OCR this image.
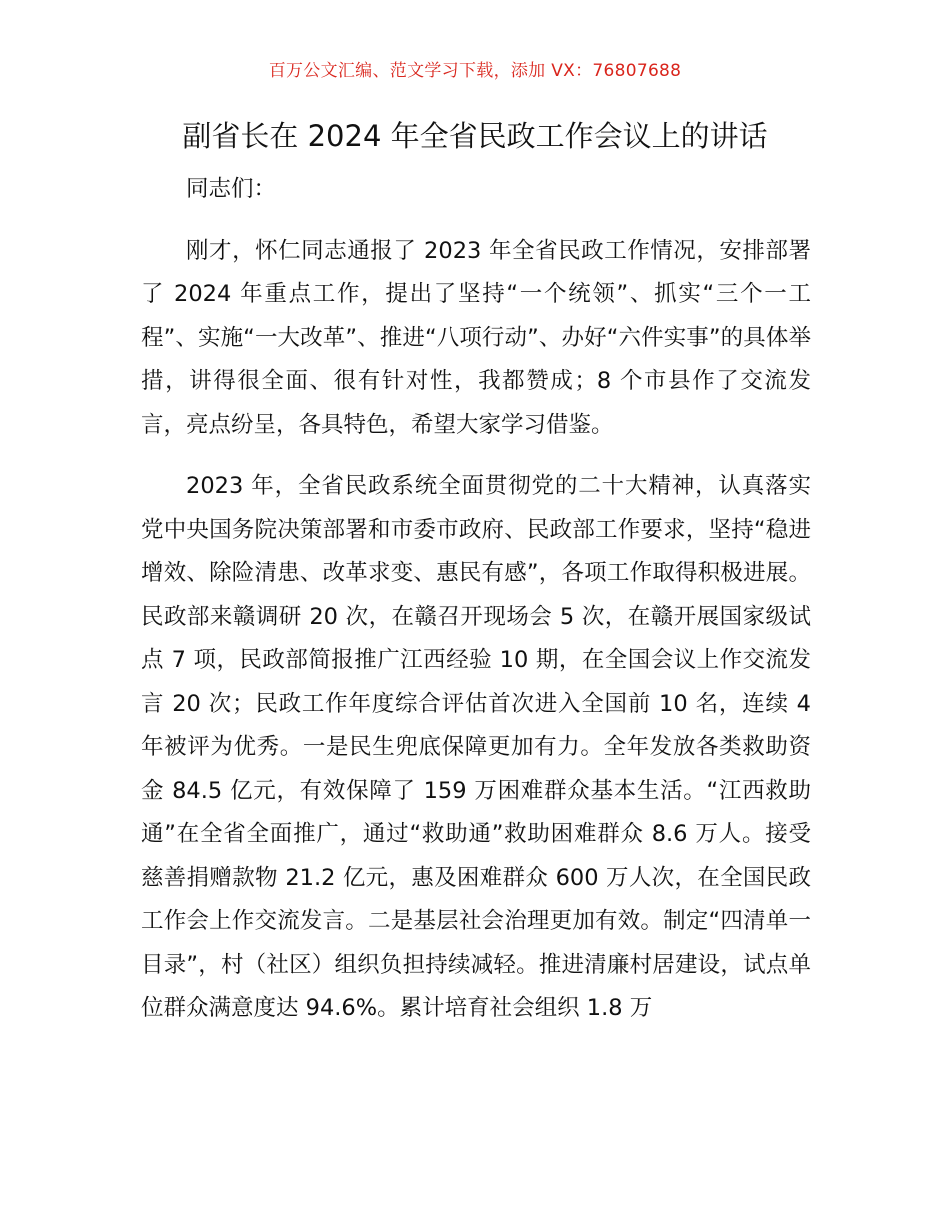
百万公文汇编、范文学习下载，添加 VX：76807688
副省长在 2024 年全省民政工作会议上的讲话

同志们：

刚才，怀仁同志通报了 2023 年全省民政工作情况，安排部署了 2024 年重点工作，提出了坚持“一个统领”、抓实“三个一工程”、实施“一大改革”、推进“八项行动”、办好“六件实事”的具体举措，讲得很全面、很有针对性，我都赞成；8 个市县作了交流发言，亮点纷呈，各具特色，希望大家学习借鉴。

2023 年，全省民政系统全面贯彻党的二十大精神，认真落实党中央国务院决策部署和市委市政府、民政部工作要求，坚持“稳进增效、除险清患、改革求变、惠民有感”，各项工作取得积极进展。民政部来赣调研 20 次，在赣召开现场会 5 次，在赣开展国家级试点 7 项，民政部简报推广江西经验 10 期，在全国会议上作交流发言 20 次；民政工作年度综合评估首次进入全国前 10 名，连续 4 年被评为优秀。一是民生兜底保障更加有力。全年发放各类救助资金 84.5 亿元，有效保障了 159 万困难群众基本生活。“江西救助通”在全省全面推广，通过“救助通”救助困难群众 8.6 万人。接受慈善捐赠款物 21.2 亿元，惠及困难群众 600 万人次，在全国民政工作会上作交流发言。二是基层社会治理更加有效。制定“四清单一目录”，村（社区）组织负担持续减轻。推进清廉村居建设，试点单位群众满意度达 94.6%。累计培育社会组织 1.8 万
